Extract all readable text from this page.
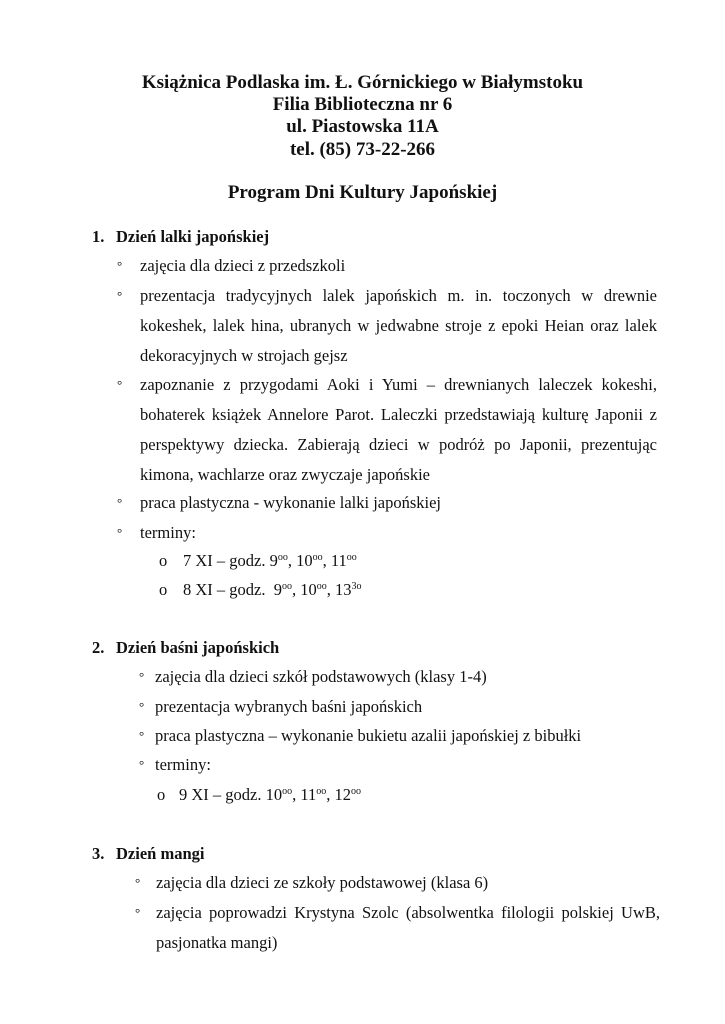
Książnica Podlaska im. Ł. Górnickiego w Białymstoku
Filia Biblioteczna nr 6
ul. Piastowska 11A
tel. (85) 73-22-266
Program Dni Kultury Japońskiej
1. Dzień lalki japońskiej
° zajęcia dla dzieci z przedszkoli
° prezentacja tradycyjnych lalek japońskich m. in. toczonych w drewnie kokeshek, lalek hina, ubranych w jedwabne stroje z epoki Heian oraz lalek dekoracyjnych w strojach gejsz
° zapoznanie z przygodami Aoki i Yumi – drewnianych laleczek kokeshi, bohaterek książek Annelore Parot. Laleczki przedstawiają kulturę Japonii z perspektywy dziecka. Zabierają dzieci w podróż po Japonii, prezentując kimona, wachlarze oraz zwyczaje japońskie
° praca plastyczna - wykonanie lalki japońskiej
° terminy:
o 7 XI – godz. $9^{oo}$, $10^{oo}$, $11^{oo}$
o 8 XI – godz.  $9^{oo}$, $10^{oo}$, $13^{3o}$
2. Dzień baśni japońskich
° zajęcia dla dzieci szkół podstawowych (klasy 1-4)
° prezentacja wybranych baśni japońskich
° praca plastyczna – wykonanie bukietu azalii japońskiej z bibułki
° terminy:
o 9 XI – godz. $10^{oo}$, $11^{oo}$, $12^{oo}$
3. Dzień mangi
° zajęcia dla dzieci ze szkoły podstawowej (klasa 6)
° zajęcia poprowadzi Krystyna Szolc (absolwentka filologii polskiej UwB, pasjonatka mangi)
